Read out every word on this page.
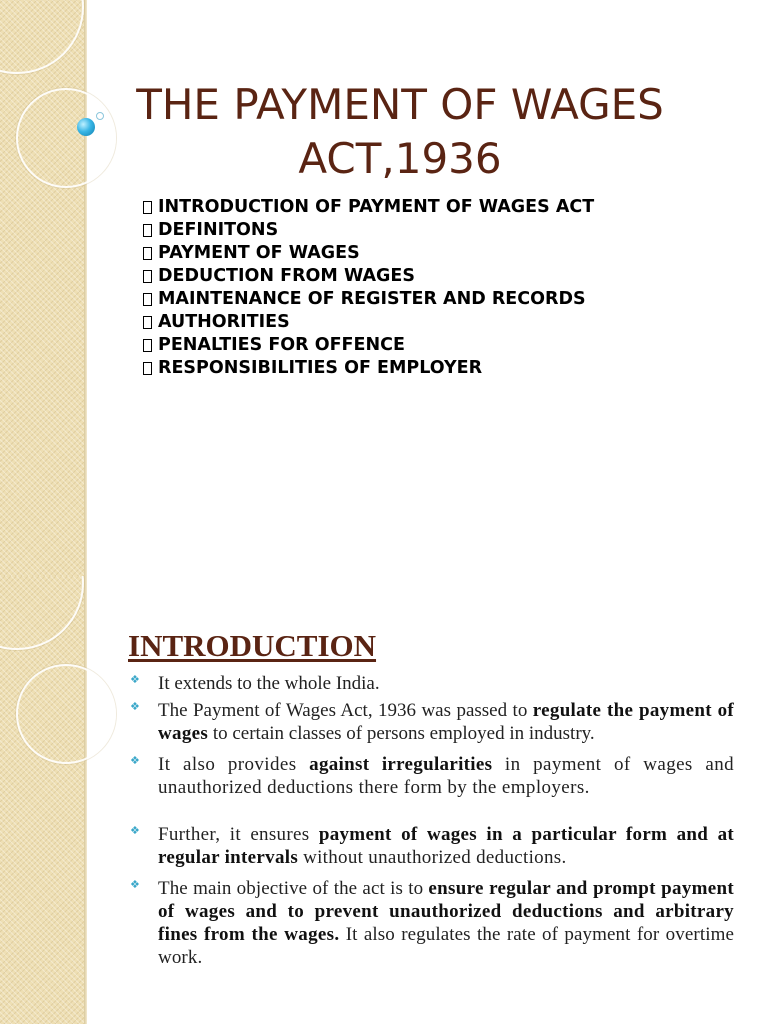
THE PAYMENT OF WAGES
ACT,1936
INTRODUCTION OF PAYMENT OF WAGES ACT
DEFINITONS
PAYMENT OF WAGES
DEDUCTION FROM WAGES
MAINTENANCE OF REGISTER AND RECORDS
AUTHORITIES
PENALTIES FOR OFFENCE
RESPONSIBILITIES OF EMPLOYER
INTRODUCTION
❖ It extends to the whole India.
❖ The Payment of Wages Act, 1936 was passed to regulate the payment of wages to certain classes of persons employed in industry.
❖ It also provides against irregularities in payment of wages and unauthorized deductions there form by the employers.
❖ Further, it ensures payment of wages in a particular form and at regular intervals without unauthorized deductions.
❖ The main objective of the act is to ensure regular and prompt payment of wages and to prevent unauthorized deductions and arbitrary fines from the wages. It also regulates the rate of payment for overtime work.
